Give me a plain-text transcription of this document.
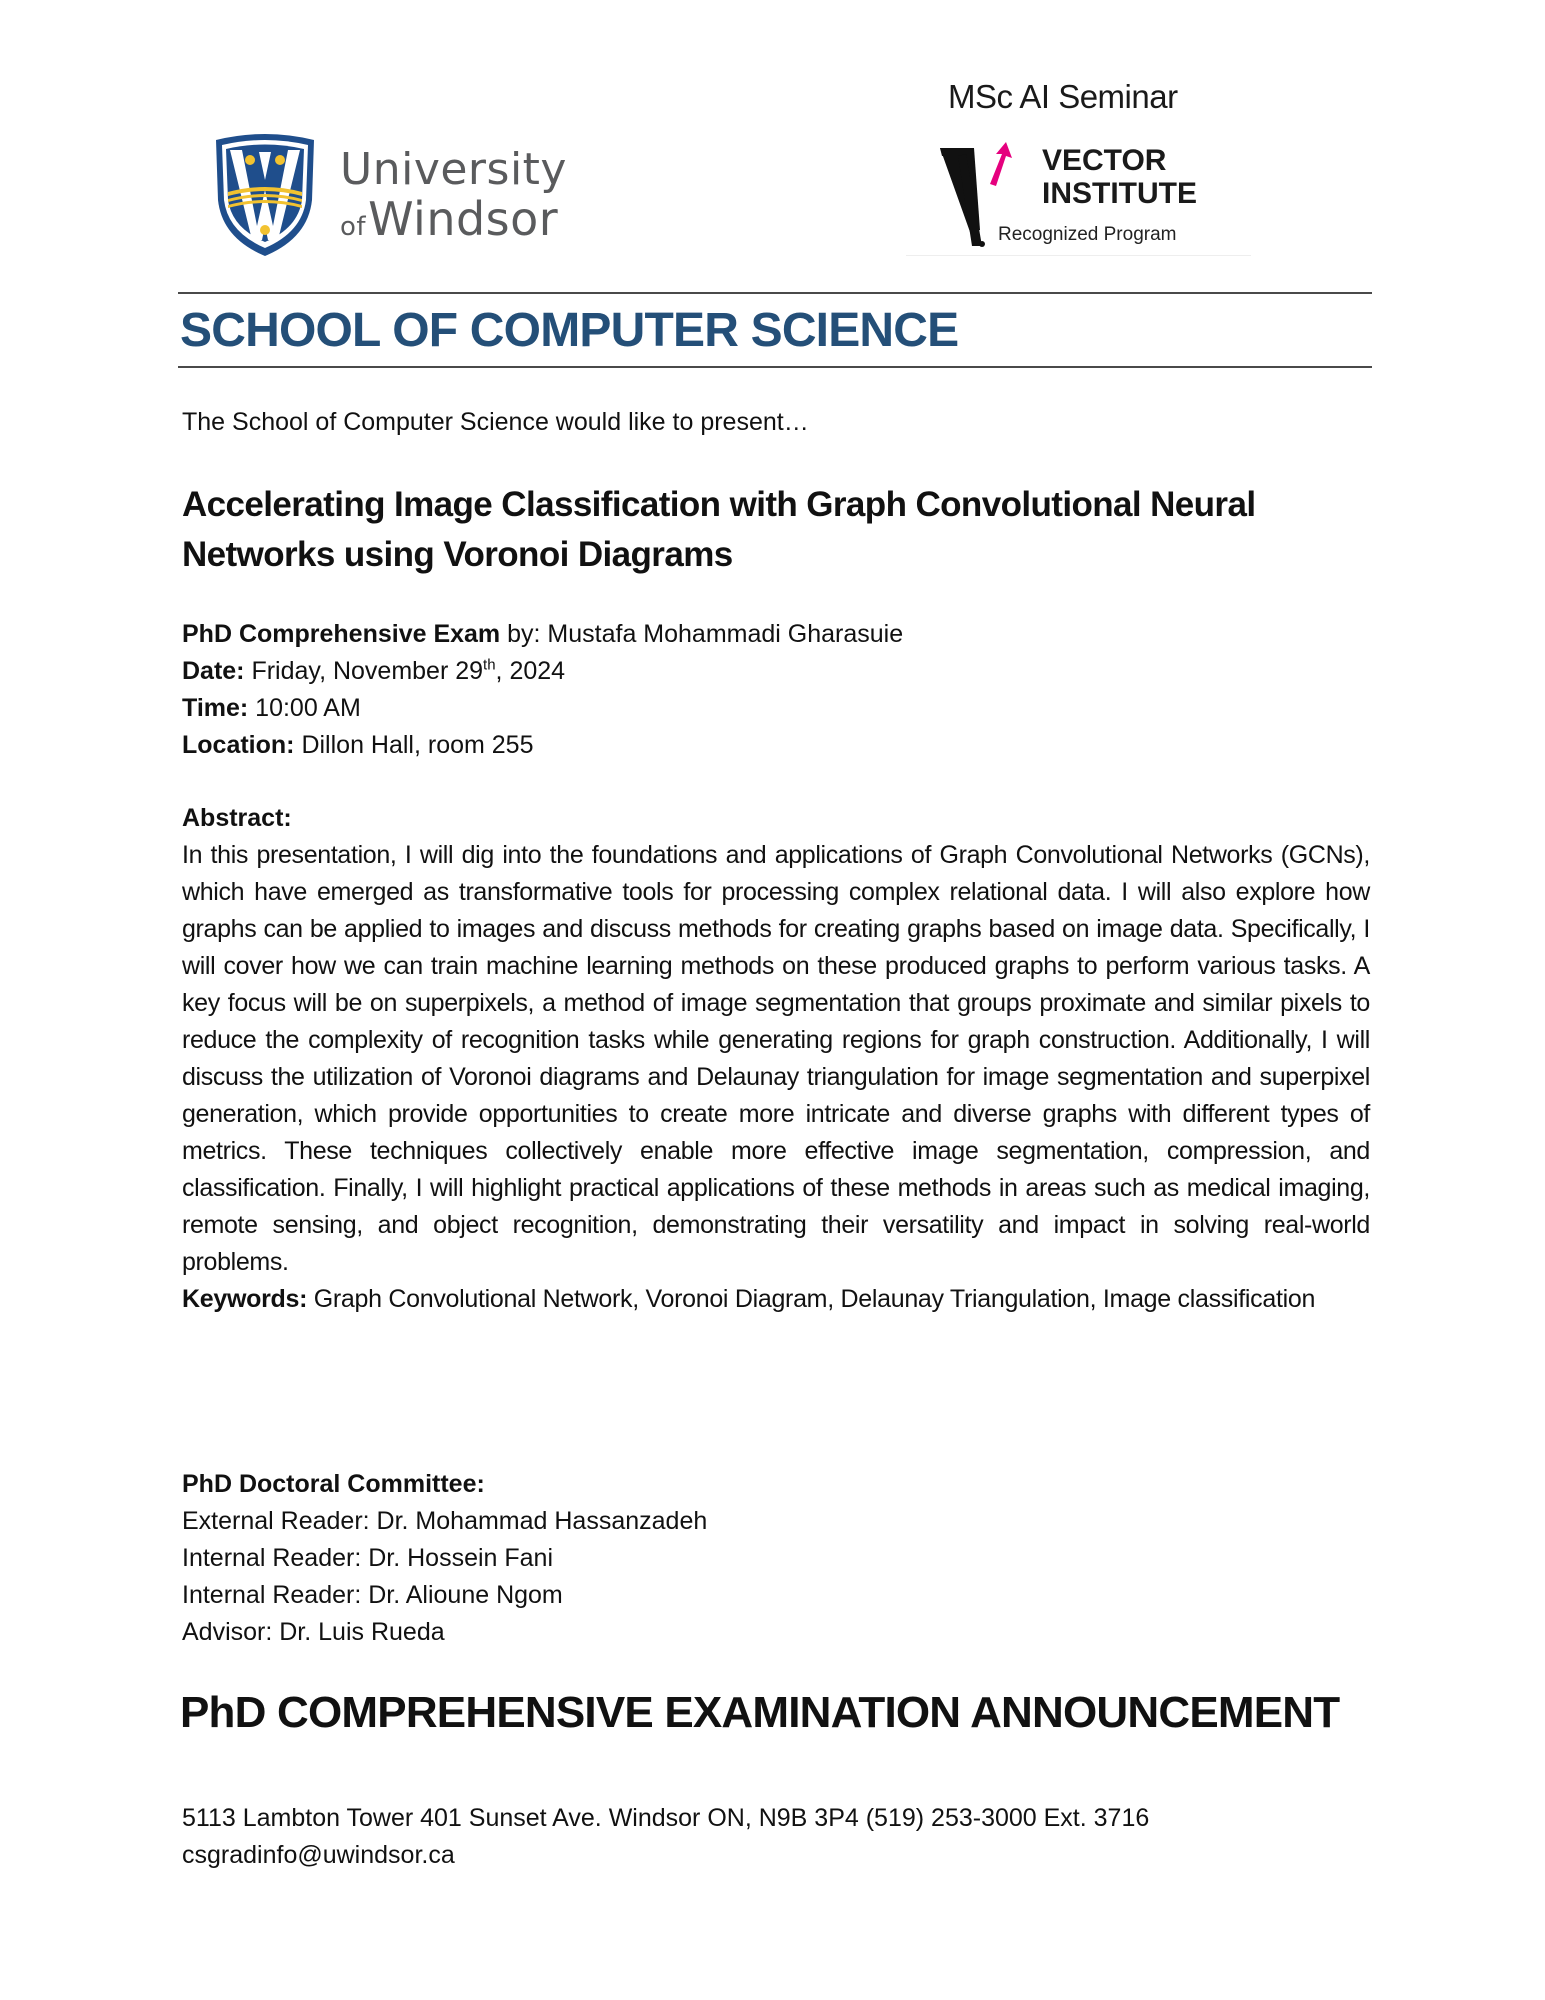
University
ofWindsor
MSc AI Seminar
VECTOR
INSTITUTE
Recognized Program
SCHOOL OF COMPUTER SCIENCE
The School of Computer Science would like to present…
Accelerating Image Classification with Graph Convolutional Neural Networks using Voronoi Diagrams
PhD Comprehensive Exam by: Mustafa Mohammadi Gharasuie
Date: Friday, November 29th, 2024
Time: 10:00 AM
Location: Dillon Hall, room 255
Abstract:
In this presentation, I will dig into the foundations and applications of Graph Convolutional Networks (GCNs), which have emerged as transformative tools for processing complex relational data. I will also explore how graphs can be applied to images and discuss methods for creating graphs based on image data. Specifically, I will cover how we can train machine learning methods on these produced graphs to perform various tasks. A key focus will be on superpixels, a method of image segmentation that groups proximate and similar pixels to reduce the complexity of recognition tasks while generating regions for graph construction. Additionally, I will discuss the utilization of Voronoi diagrams and Delaunay triangulation for image segmentation and superpixel generation, which provide opportunities to create more intricate and diverse graphs with different types of metrics. These techniques collectively enable more effective image segmentation, compression, and classification. Finally, I will highlight practical applications of these methods in areas such as medical imaging, remote sensing, and object recognition, demonstrating their versatility and impact in solving real-world problems.
Keywords: Graph Convolutional Network, Voronoi Diagram, Delaunay Triangulation, Image classification
PhD Doctoral Committee:
External Reader: Dr. Mohammad Hassanzadeh
Internal Reader: Dr. Hossein Fani
Internal Reader: Dr. Alioune Ngom
Advisor: Dr. Luis Rueda
PhD COMPREHENSIVE EXAMINATION ANNOUNCEMENT
5113 Lambton Tower 401 Sunset Ave. Windsor ON, N9B 3P4 (519) 253-3000 Ext. 3716
csgradinfo@uwindsor.ca
